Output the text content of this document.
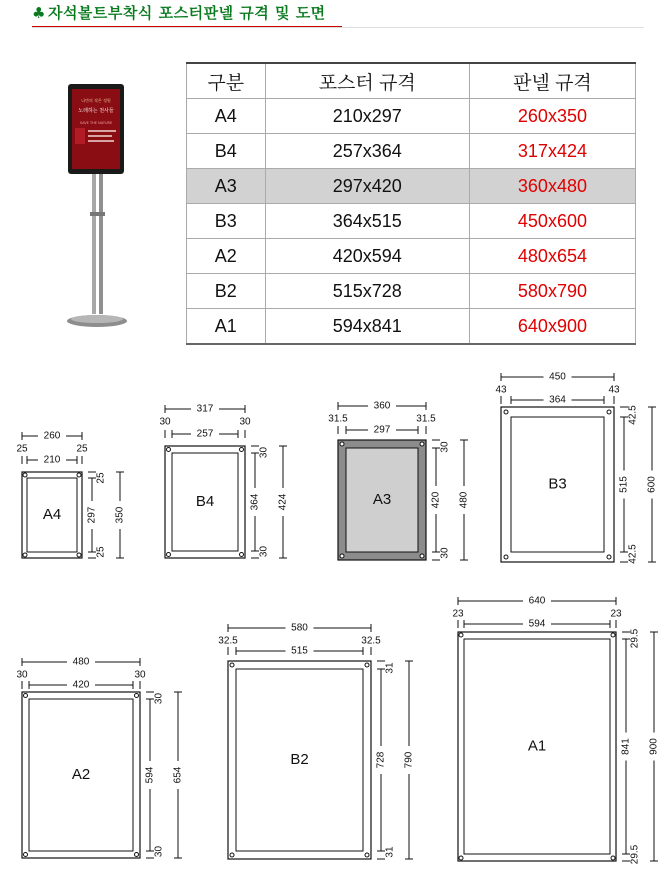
♣ 자석볼트부착식 포스터판넬 규격 및 도면
나만의 작은 정원
노래하는 천사들
SAVE THE NATURE
구분	포스터 규격	판넬 규격
A4	210x297	260x350
B4	257x364	317x424
A3	297x420	360x480
B3	364x515	450x600
A2	420x594	480x654
B2	515x728	580x790
A1	594x841	640x900
A4
260
210
25	25
297 350
25
25
B4
317
257
30	30
364 424
30
30
A3
360
297
31.5	31.5
420 480
30
30
B3
450
364
43	43
515 600
42.5
42.5
A2
480
420
30	30
594 654
30
30
B2
580
515
32.5	32.5
728 790
31
31
A1
640
594
23	23
841 900
29.5
29.5
